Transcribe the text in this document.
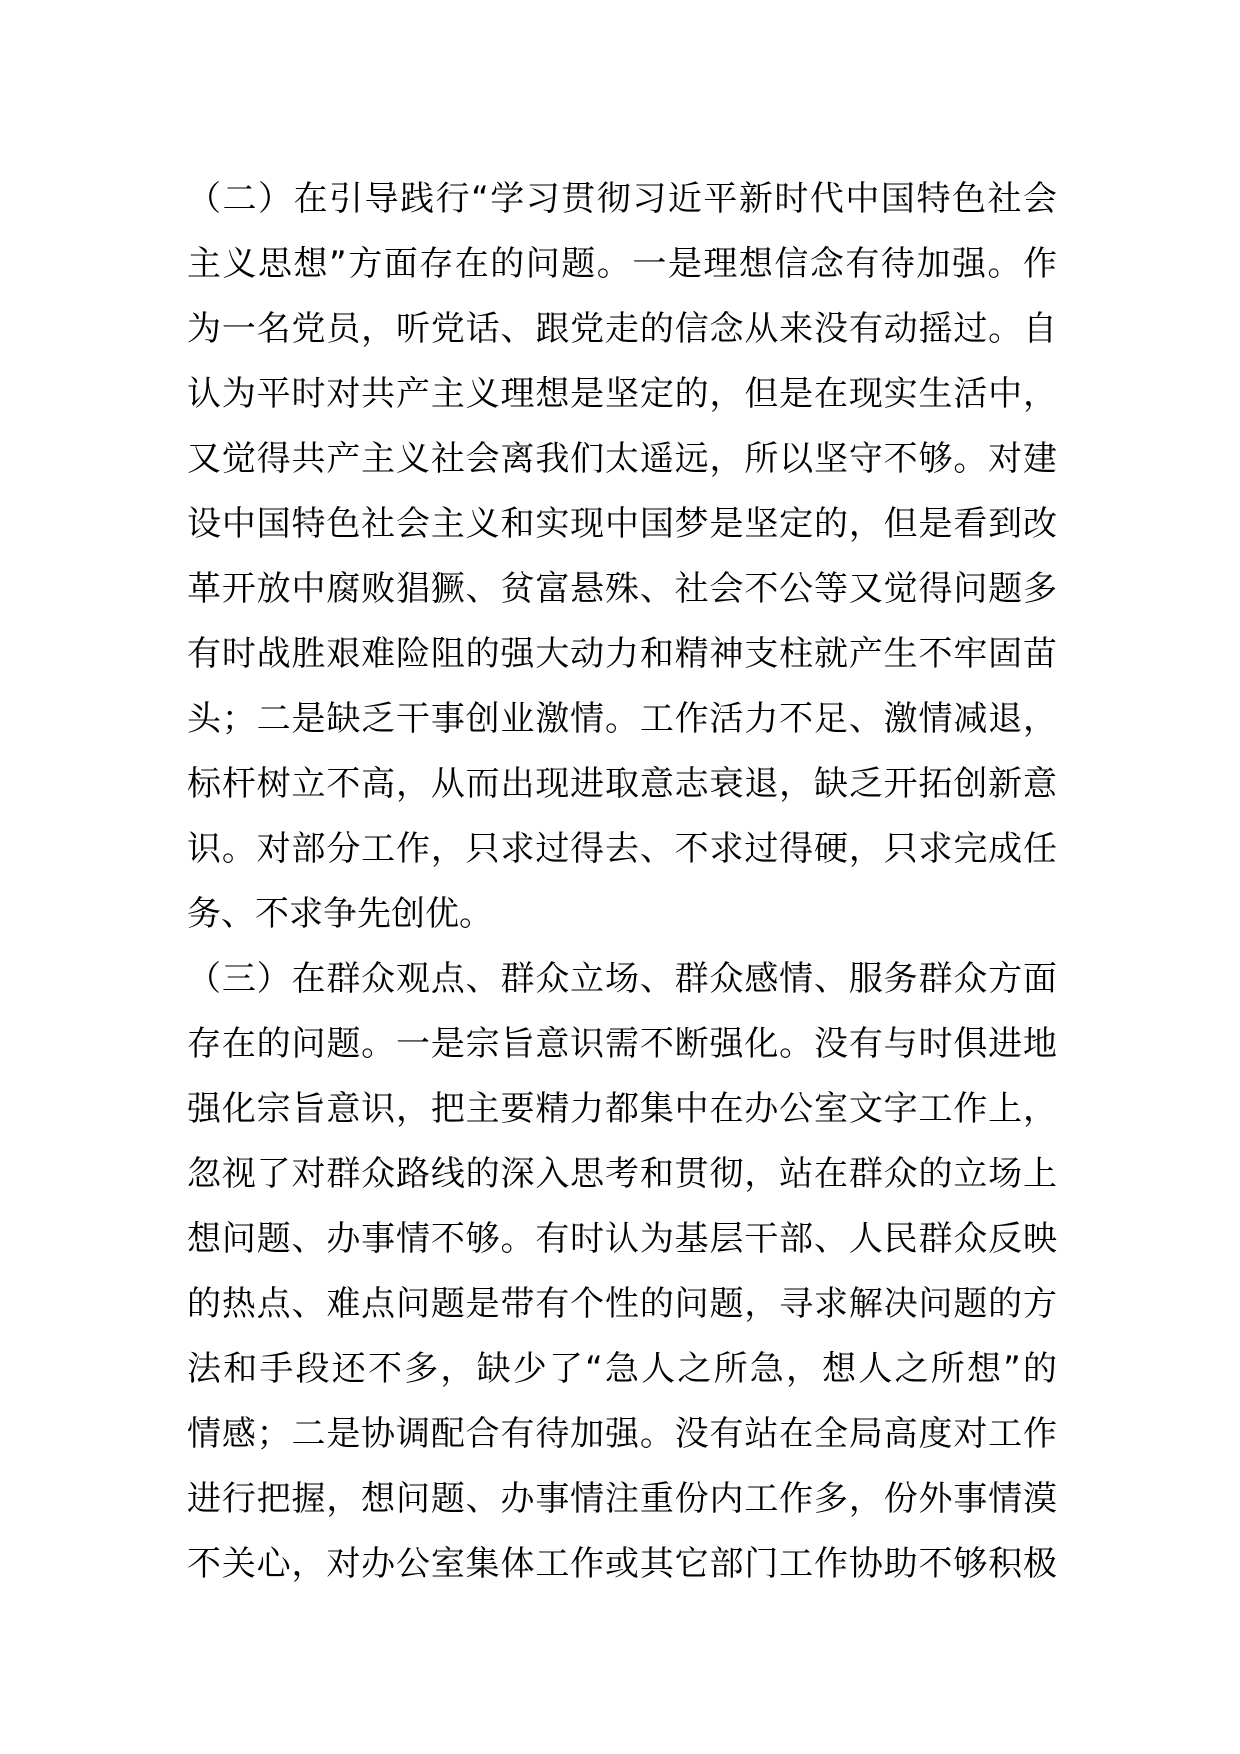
（二）在引导践行“学习贯彻习近平新时代中国特色社会
主义思想”方面存在的问题。一是理想信念有待加强。作
为一名党员，听党话、跟党走的信念从来没有动摇过。自
认为平时对共产主义理想是坚定的，但是在现实生活中，
又觉得共产主义社会离我们太遥远，所以坚守不够。对建
设中国特色社会主义和实现中国梦是坚定的，但是看到改
革开放中腐败猖獗、贫富悬殊、社会不公等又觉得问题多
有时战胜艰难险阻的强大动力和精神支柱就产生不牢固苗
头；二是缺乏干事创业激情。工作活力不足、激情减退，
标杆树立不高，从而出现进取意志衰退，缺乏开拓创新意
识。对部分工作，只求过得去、不求过得硬，只求完成任
务、不求争先创优。
（三）在群众观点、群众立场、群众感情、服务群众方面
存在的问题。一是宗旨意识需不断强化。没有与时俱进地
强化宗旨意识，把主要精力都集中在办公室文字工作上，
忽视了对群众路线的深入思考和贯彻，站在群众的立场上
想问题、办事情不够。有时认为基层干部、人民群众反映
的热点、难点问题是带有个性的问题，寻求解决问题的方
法和手段还不多，缺少了“急人之所急，想人之所想”的
情感；二是协调配合有待加强。没有站在全局高度对工作
进行把握，想问题、办事情注重份内工作多，份外事情漠
不关心，对办公室集体工作或其它部门工作协助不够积极
